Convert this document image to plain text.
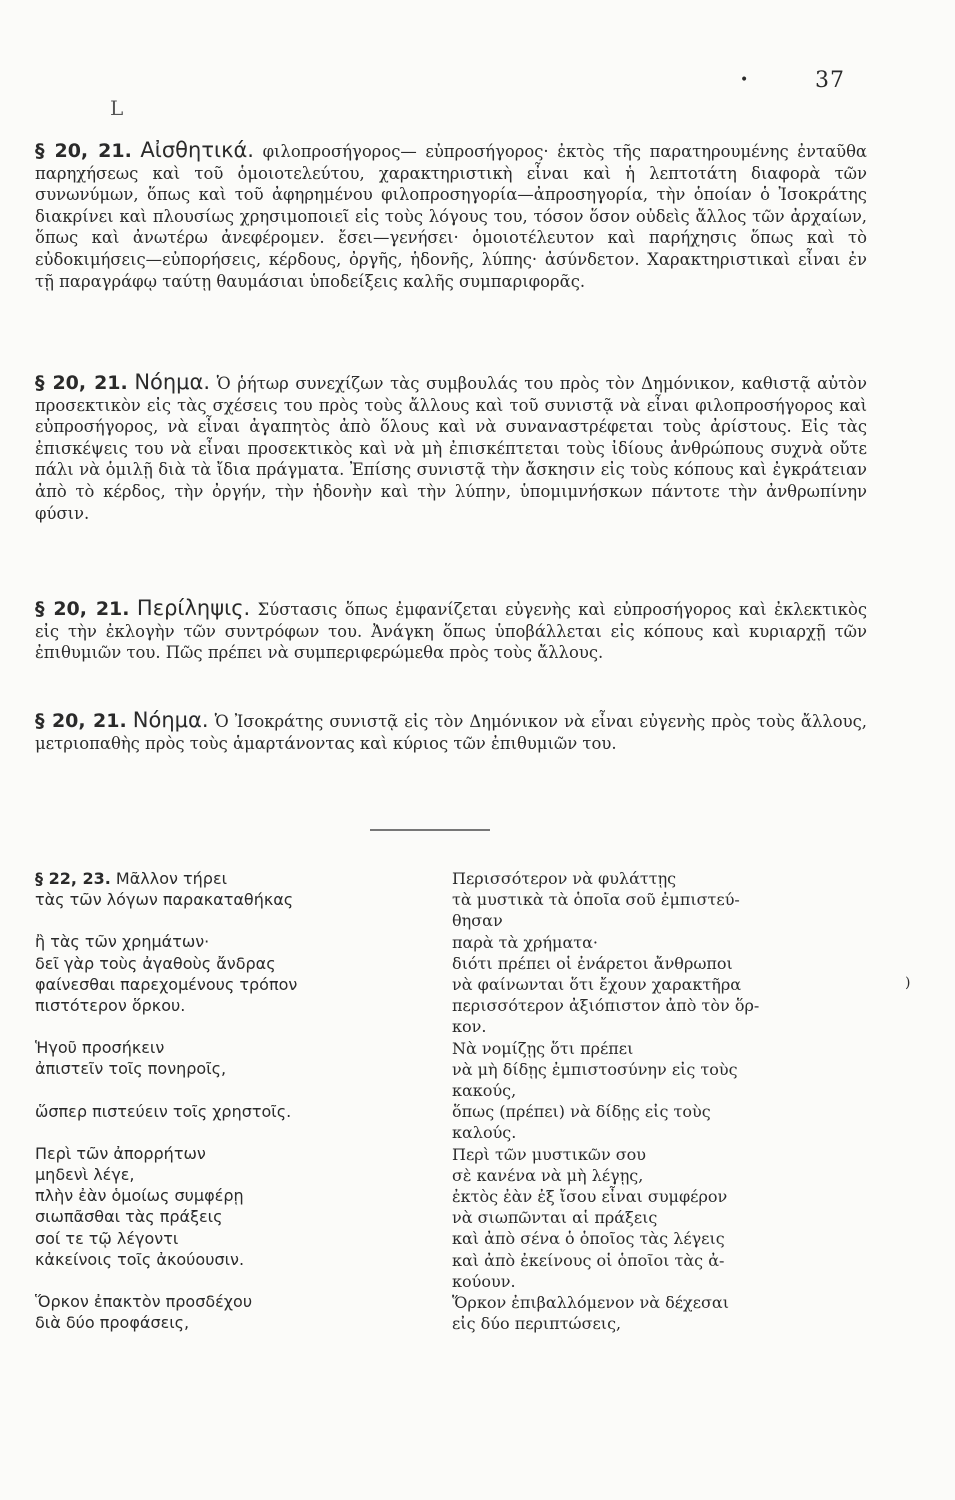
•	37
L
§ 20, 21. Αἰσθητικά. φιλοπροσήγορος— εὐπροσήγορος· ἐκτὸς τῆς παρατηρουμένης ἐνταῦθα παρηχήσεως καὶ τοῦ ὁμοιοτελεύτου, χαρακτηριστικὴ εἶναι καὶ ἡ λεπτοτάτη διαφορὰ τῶν συνωνύμων, ὅπως καὶ τοῦ ἀφηρημένου φιλοπροσηγορία—ἀπροσηγορία, τὴν ὁποίαν ὁ Ἰσοκράτης διακρίνει καὶ πλουσίως χρησιμοποιεῖ εἰς τοὺς λόγους του, τόσον ὅσον οὐδεὶς ἄλλος τῶν ἀρχαίων, ὅπως καὶ ἀνωτέρω ἀνεφέρομεν. ἔσει—γενήσει· ὁμοιοτέλευτον καὶ παρήχησις ὅπως καὶ τὸ εὐδοκιμήσεις—εὐπορήσεις, κέρδους, ὀργῆς, ἡδονῆς, λύπης· ἀσύνδετον. Χαρακτηριστικαὶ εἶναι ἐν τῇ παραγράφῳ ταύτῃ θαυμάσιαι ὑποδείξεις καλῆς συμπαριφορᾶς.
§ 20, 21. Νόημα. Ὁ ῥήτωρ συνεχίζων τὰς συμβουλάς του πρὸς τὸν Δημόνικον, καθιστᾷ αὐτὸν προσεκτικὸν εἰς τὰς σχέσεις του πρὸς τοὺς ἄλλους καὶ τοῦ συνιστᾷ νὰ εἶναι φιλοπροσήγορος καὶ εὐπροσήγορος, νὰ εἶναι ἀγαπητὸς ἀπὸ ὅλους καὶ νὰ συναναστρέφεται τοὺς ἀρίστους. Εἰς τὰς ἐπισκέψεις του νὰ εἶναι προσεκτικὸς καὶ νὰ μὴ ἐπισκέπτεται τοὺς ἰδίους ἀνθρώπους συχνὰ οὔτε πάλι νὰ ὁμιλῇ διὰ τὰ ἴδια πράγματα. Ἐπίσης συνιστᾷ τὴν ἄσκησιν εἰς τοὺς κόπους καὶ ἐγκράτειαν ἀπὸ τὸ κέρδος, τὴν ὀργήν, τὴν ἡδονὴν καὶ τὴν λύπην, ὑπομιμνήσκων πάντοτε τὴν ἀνθρωπίνην φύσιν.
§ 20, 21. Περίληψις. Σύστασις ὅπως ἐμφανίζεται εὐγενὴς καὶ εὐπροσήγορος καὶ ἐκλεκτικὸς εἰς τὴν ἐκλογὴν τῶν συντρόφων του. Ἀνάγκη ὅπως ὑποβάλλεται εἰς κόπους καὶ κυριαρχῇ τῶν ἐπιθυμιῶν του. Πῶς πρέπει νὰ συμπεριφερώμεθα πρὸς τοὺς ἄλλους.
§ 20, 21. Νόημα. Ὁ Ἰσοκράτης συνιστᾷ εἰς τὸν Δημόνικον νὰ εἶναι εὐγενὴς πρὸς τοὺς ἄλλους, μετριοπαθὴς πρὸς τοὺς ἁμαρτάνοντας καὶ κύριος τῶν ἐπιθυμιῶν του.
§ 22, 23. Μᾶλλον τήρει
τὰς τῶν λόγων παρακαταθήκας
ἢ τὰς τῶν χρημάτων·
δεῖ γὰρ τοὺς ἀγαθοὺς ἄνδρας
φαίνεσθαι παρεχομένους τρόπον
πιστότερον ὅρκου.
Ἡγοῦ προσήκειν
ἀπιστεῖν τοῖς πονηροῖς,
ὥσπερ πιστεύειν τοῖς χρηστοῖς.
Περὶ τῶν ἀπορρήτων
μηδενὶ λέγε,
πλὴν ἐὰν ὁμοίως συμφέρῃ
σιωπᾶσθαι τὰς πράξεις
σοί τε τῷ λέγοντι
κἀκείνοις τοῖς ἀκούουσιν.
Ὅρκον ἐπακτὸν προσδέχου
διὰ δύο προφάσεις,
Περισσότερον νὰ φυλάττῃς
τὰ μυστικὰ τὰ ὁποῖα σοῦ ἐμπιστεύ-
θησαν
παρὰ τὰ χρήματα·
διότι πρέπει οἱ ἐνάρετοι ἄνθρωποι
νὰ φαίνωνται ὅτι ἔχουν χαρακτῆρα
περισσότερον ἀξιόπιστον ἀπὸ τὸν ὅρ-
κον.
Νὰ νομίζῃς ὅτι πρέπει
νὰ μὴ δίδῃς ἐμπιστοσύνην εἰς τοὺς
κακούς,
ὅπως (πρέπει) νὰ δίδῃς εἰς τοὺς
καλούς.
Περὶ τῶν μυστικῶν σου
σὲ κανένα νὰ μὴ λέγῃς,
ἐκτὸς ἐὰν ἐξ ἴσου εἶναι συμφέρον
νὰ σιωπῶνται αἱ πράξεις
καὶ ἀπὸ σένα ὁ ὁποῖος τὰς λέγεις
καὶ ἀπὸ ἐκείνους οἱ ὁποῖοι τὰς ἀ-
κούουν.
Ὅρκον ἐπιβαλλόμενον νὰ δέχεσαι
εἰς δύο περιπτώσεις,
)
